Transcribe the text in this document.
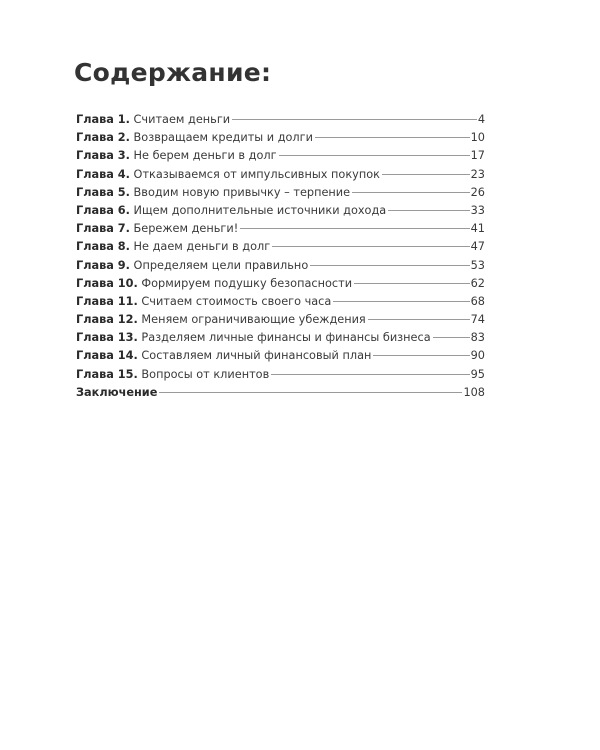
Содержание:
Глава 1. Считаем деньги	4
Глава 2. Возвращаем кредиты и долги	10
Глава 3. Не берем деньги в долг	17
Глава 4. Отказываемся от импульсивных покупок	23
Глава 5. Вводим новую привычку – терпение	26
Глава 6. Ищем дополнительные источники дохода	33
Глава 7. Бережем деньги!	41
Глава 8. Не даем деньги в долг	47
Глава 9. Определяем цели правильно	53
Глава 10. Формируем подушку безопасности	62
Глава 11. Считаем стоимость своего часа	68
Глава 12. Меняем ограничивающие убеждения	74
Глава 13. Разделяем личные финансы и финансы бизнеса	83
Глава 14. Составляем личный финансовый план	90
Глава 15. Вопросы от клиентов	95
Заключение	108
